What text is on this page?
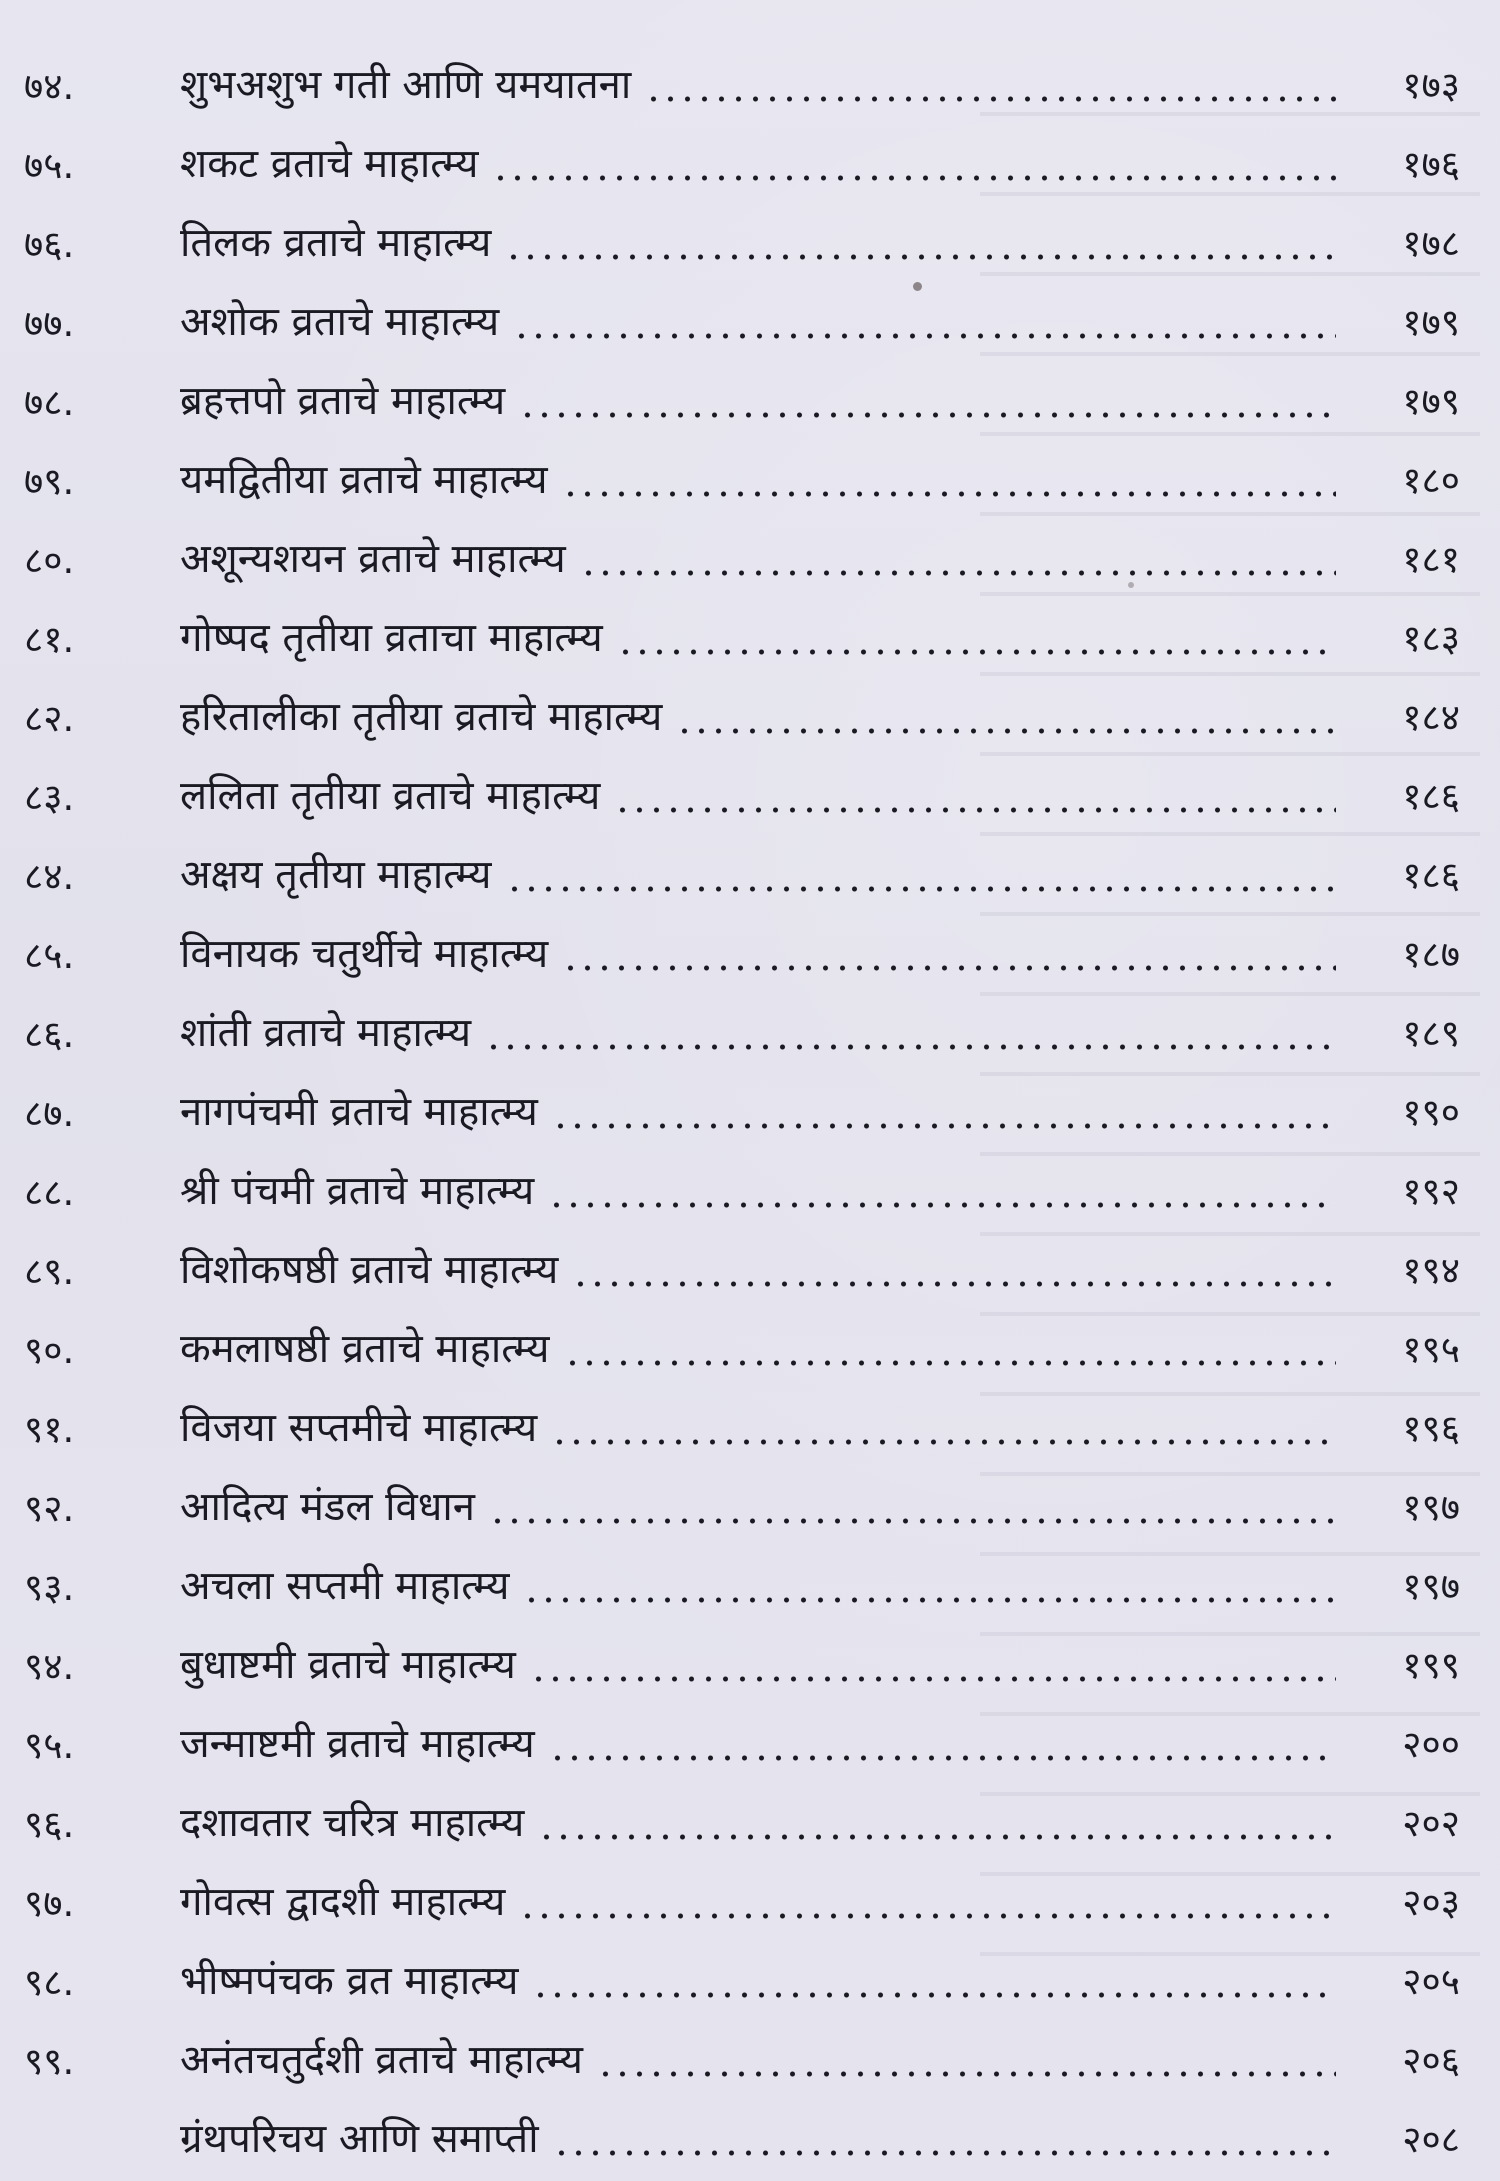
७४.	शुभअशुभ गती आणि यमयातना	१७३
७५.	शकट व्रताचे माहात्म्य	१७६
७६.	तिलक व्रताचे माहात्म्य	१७८
७७.	अशोक व्रताचे माहात्म्य	१७९
७८.	ब्रहत्तपो व्रताचे माहात्म्य	१७९
७९.	यमद्वितीया व्रताचे माहात्म्य	१८०
८०.	अशून्यशयन व्रताचे माहात्म्य	१८१
८१.	गोष्पद तृतीया व्रताचा माहात्म्य	१८३
८२.	हरितालीका तृतीया व्रताचे माहात्म्य	१८४
८३.	ललिता तृतीया व्रताचे माहात्म्य	१८६
८४.	अक्षय तृतीया माहात्म्य	१८६
८५.	विनायक चतुर्थीचे माहात्म्य	१८७
८६.	शांती व्रताचे माहात्म्य	१८९
८७.	नागपंचमी व्रताचे माहात्म्य	१९०
८८.	श्री पंचमी व्रताचे माहात्म्य	१९२
८९.	विशोकषष्ठी व्रताचे माहात्म्य	१९४
९०.	कमलाषष्ठी व्रताचे माहात्म्य	१९५
९१.	विजया सप्तमीचे माहात्म्य	१९६
९२.	आदित्य मंडल विधान	१९७
९३.	अचला सप्तमी माहात्म्य	१९७
९४.	बुधाष्टमी व्रताचे माहात्म्य	१९९
९५.	जन्माष्टमी व्रताचे माहात्म्य	२००
९६.	दशावतार चरित्र माहात्म्य	२०२
९७.	गोवत्स द्वादशी माहात्म्य	२०३
९८.	भीष्मपंचक व्रत माहात्म्य	२०५
९९.	अनंतचतुर्दशी व्रताचे माहात्म्य	२०६
ग्रंथपरिचय आणि समाप्ती	२०८
